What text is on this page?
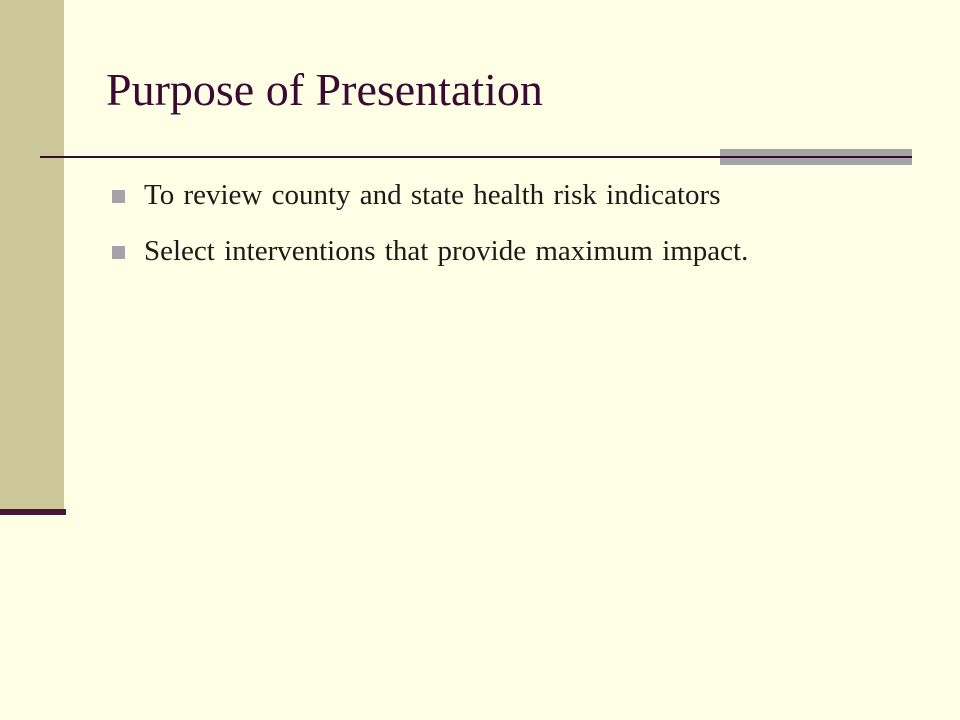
Purpose of Presentation
To review county and state health risk indicators
Select interventions that provide maximum impact.
